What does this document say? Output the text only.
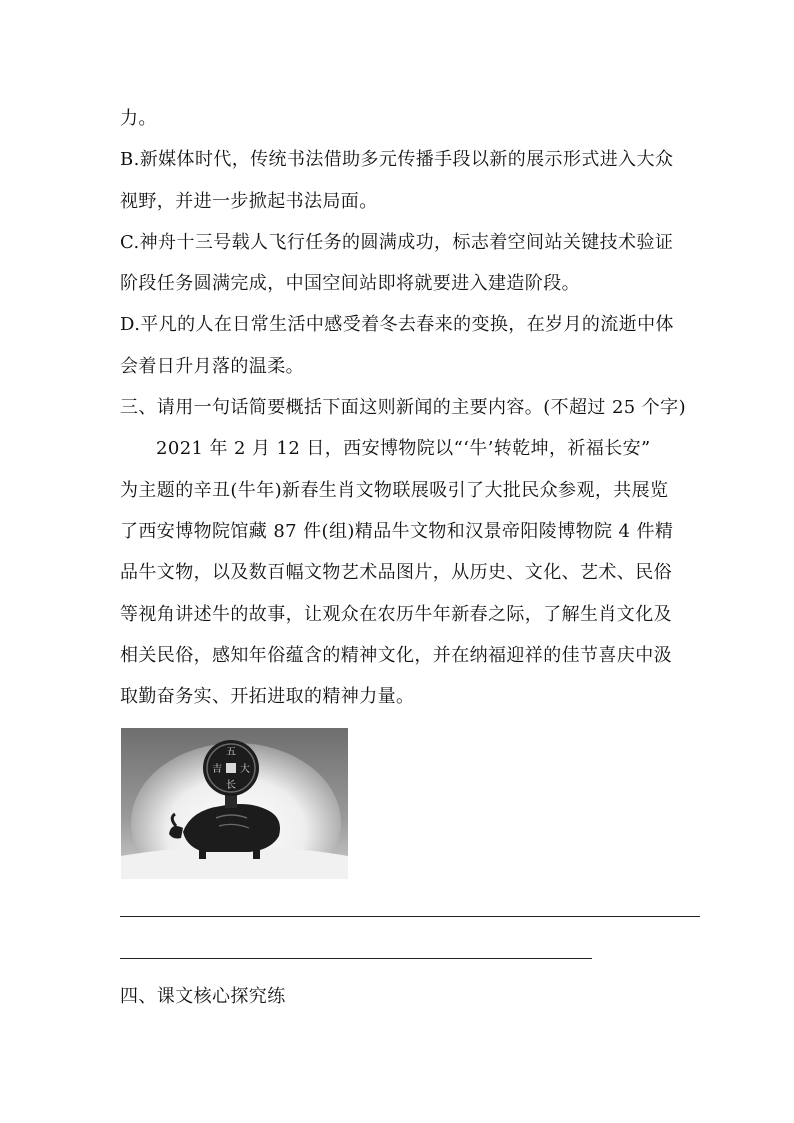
力。
B.新媒体时代，传统书法借助多元传播手段以新的展示形式进入大众
视野，并进一步掀起书法局面。
C.神舟十三号载人飞行任务的圆满成功，标志着空间站关键技术验证
阶段任务圆满完成，中国空间站即将就要进入建造阶段。
D.平凡的人在日常生活中感受着冬去春来的变换，在岁月的流逝中体
会着日升月落的温柔。
三、请用一句话简要概括下面这则新闻的主要内容。(不超过 25 个字)
2021 年 2 月 12 日，西安博物院以“‘牛’转乾坤，祈福长安”
为主题的辛丑(牛年)新春生肖文物联展吸引了大批民众参观，共展览
了西安博物院馆藏 87 件(组)精品牛文物和汉景帝阳陵博物院 4 件精
品牛文物，以及数百幅文物艺术品图片，从历史、文化、艺术、民俗
等视角讲述牛的故事，让观众在农历牛年新春之际，了解生肖文化及
相关民俗，感知年俗蕴含的精神文化，并在纳福迎祥的佳节喜庆中汲
取勤奋务实、开拓进取的精神力量。
五
大
长
吉
四、课文核心探究练
